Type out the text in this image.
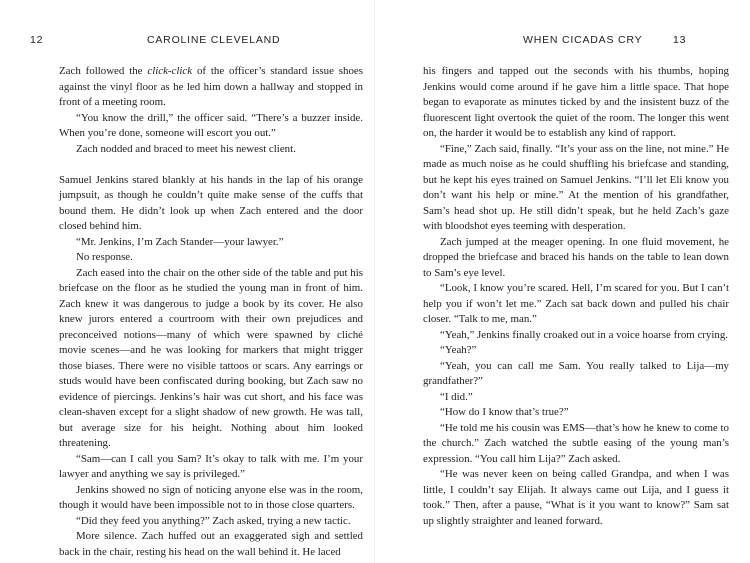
12	CAROLINE CLEVELAND

Zach followed the click-click of the officer’s standard issue shoes against the vinyl floor as he led him down a hallway and stopped in front of a meeting room.

“You know the drill,” the officer said. “There’s a buzzer inside. When you’re done, someone will escort you out.”

Zach nodded and braced to meet his newest client.

Samuel Jenkins stared blankly at his hands in the lap of his orange jumpsuit, as though he couldn’t quite make sense of the cuffs that bound them. He didn’t look up when Zach entered and the door closed behind him.

“Mr. Jenkins, I’m Zach Stander—your lawyer.”

No response.

Zach eased into the chair on the other side of the table and put his briefcase on the floor as he studied the young man in front of him. Zach knew it was dangerous to judge a book by its cover. He also knew jurors entered a courtroom with their own prejudices and preconceived notions—many of which were spawned by cliché movie scenes—and he was looking for markers that might trigger those biases. There were no visible tattoos or scars. Any earrings or studs would have been confiscated during booking, but Zach saw no evidence of piercings. Jenkins’s hair was cut short, and his face was clean-shaven except for a slight shadow of new growth. He was tall, but average size for his height. Nothing about him looked threatening.

“Sam—can I call you Sam? It’s okay to talk with me. I’m your lawyer and anything we say is privileged.”

Jenkins showed no sign of noticing anyone else was in the room, though it would have been impossible not to in those close quarters.

“Did they feed you anything?” Zach asked, trying a new tactic.

More silence. Zach huffed out an exaggerated sigh and settled back in the chair, resting his head on the wall behind it. He laced

WHEN CICADAS CRY	13

his fingers and tapped out the seconds with his thumbs, hoping Jenkins would come around if he gave him a little space. That hope began to evaporate as minutes ticked by and the insistent buzz of the fluorescent light overtook the quiet of the room. The longer this went on, the harder it would be to establish any kind of rapport.

“Fine,” Zach said, finally. “It’s your ass on the line, not mine.” He made as much noise as he could shuffling his briefcase and standing, but he kept his eyes trained on Samuel Jenkins. “I’ll let Eli know you don’t want his help or mine.” At the mention of his grandfather, Sam’s head shot up. He still didn’t speak, but he held Zach’s gaze with bloodshot eyes teeming with desperation.

Zach jumped at the meager opening. In one fluid movement, he dropped the briefcase and braced his hands on the table to lean down to Sam’s eye level.

“Look, I know you’re scared. Hell, I’m scared for you. But I can’t help you if won’t let me.” Zach sat back down and pulled his chair closer. “Talk to me, man.”

“Yeah,” Jenkins finally croaked out in a voice hoarse from crying.

“Yeah?”

“Yeah, you can call me Sam. You really talked to Lija—my grandfather?”

“I did.”

“How do I know that’s true?”

“He told me his cousin was EMS—that’s how he knew to come to the church.” Zach watched the subtle easing of the young man’s expression. “You call him Lija?” Zach asked.

“He was never keen on being called Grandpa, and when I was little, I couldn’t say Elijah. It always came out Lija, and I guess it took.” Then, after a pause, “What is it you want to know?” Sam sat up slightly straighter and leaned forward.
